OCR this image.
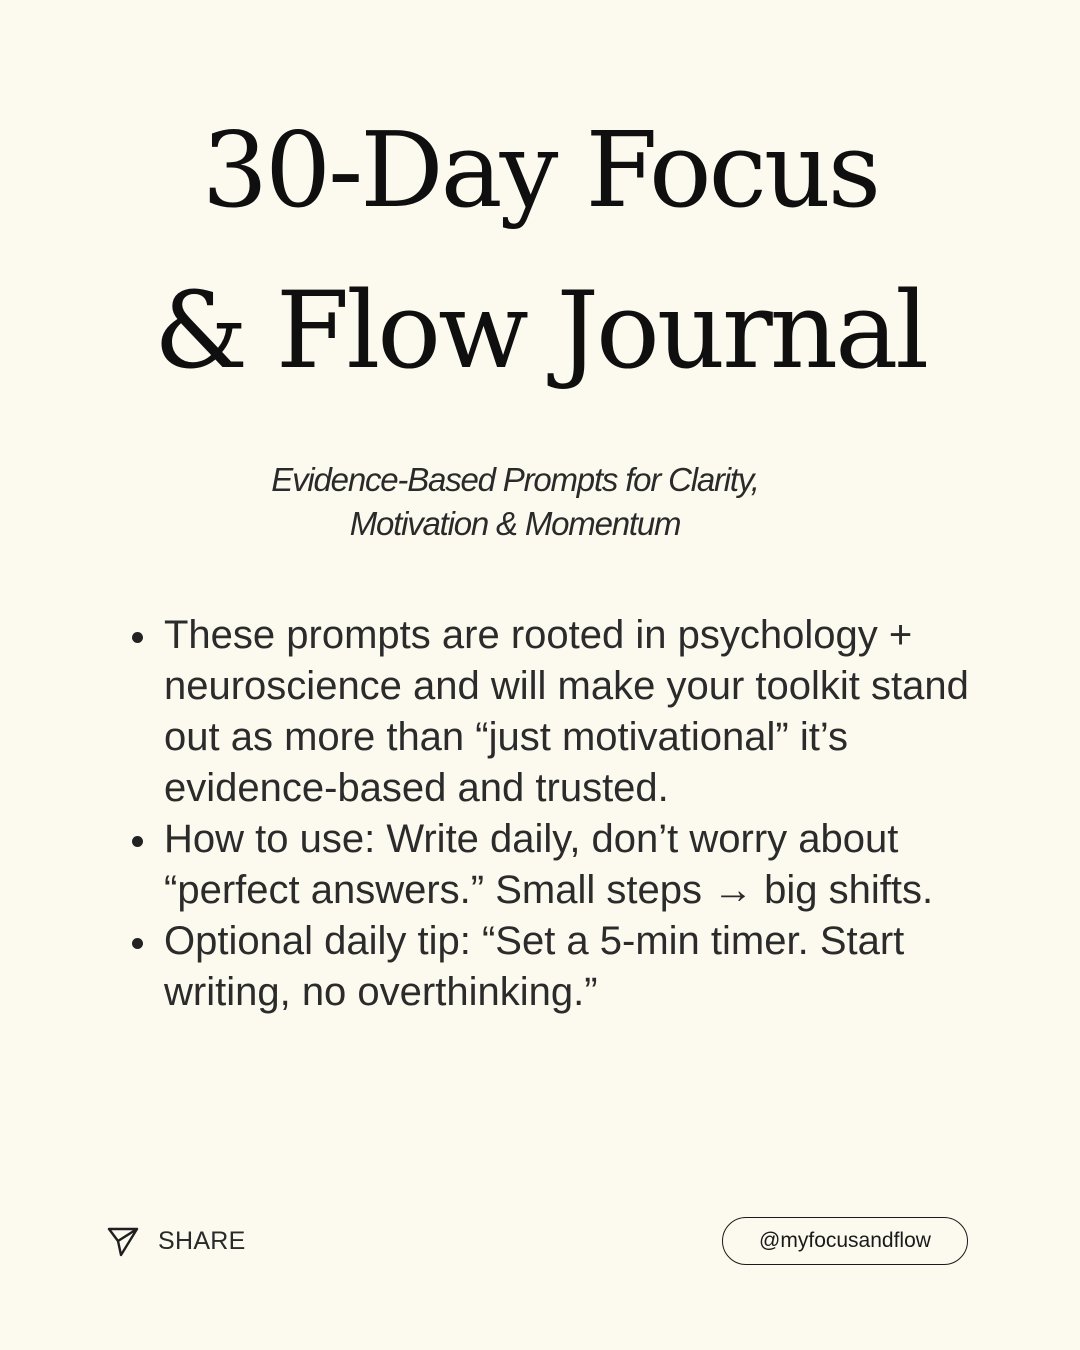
30-Day Focus
& Flow Journal
Evidence-Based Prompts for Clarity,
Motivation & Momentum
These prompts are rooted in psychology + neuroscience and will make your toolkit stand out as more than “just motivational” it’s evidence-based and trusted.
How to use: Write daily, don’t worry about “perfect answers.” Small steps → big shifts.
Optional daily tip: “Set a 5-min timer. Start writing, no overthinking.”
SHARE	@myfocusandflow
